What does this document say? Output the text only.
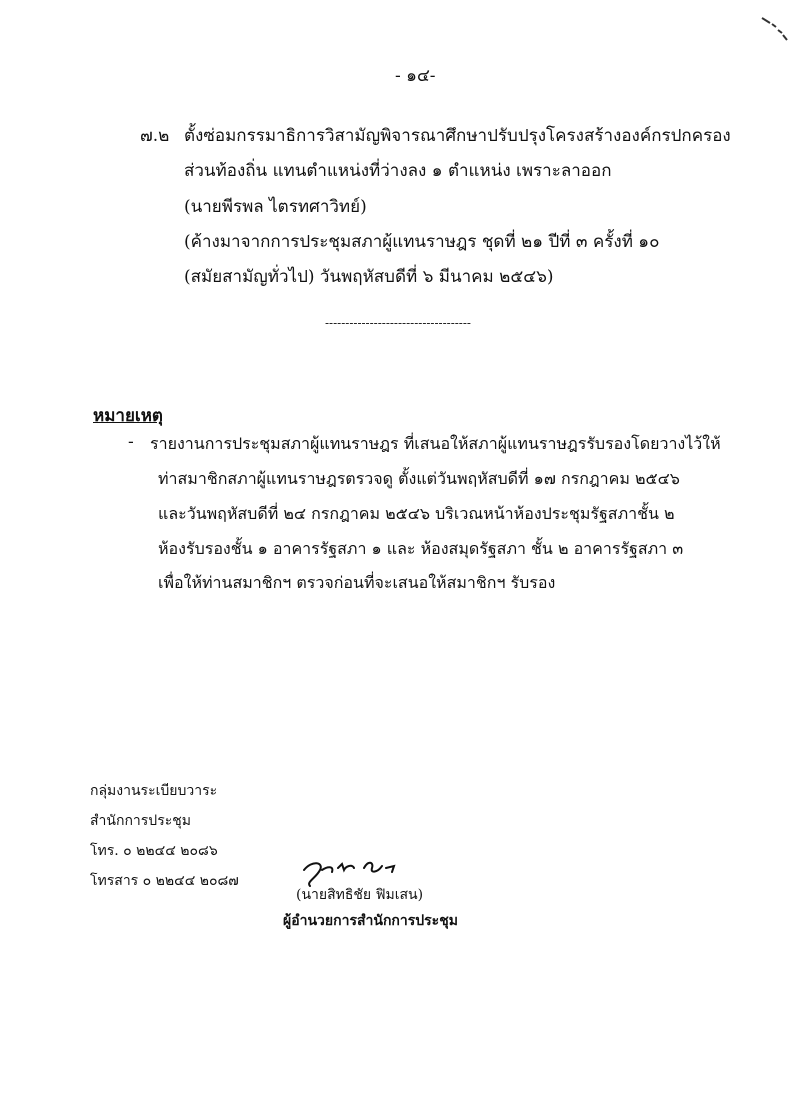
- ๑๔-
๗.๒ ตั้งซ่อมกรรมาธิการวิสามัญพิจารณาศึกษาปรับปรุงโครงสร้างองค์กรปกครอง
ส่วนท้องถิ่น แทนตำแหน่งที่ว่างลง ๑ ตำแหน่ง เพราะลาออก
(นายพีรพล ไตรทศาวิทย์)
(ค้างมาจากการประชุมสภาผู้แทนราษฎร ชุดที่ ๒๑ ปีที่ ๓ ครั้งที่ ๑๐
(สมัยสามัญทั่วไป) วันพฤหัสบดีที่ ๖ มีนาคม ๒๕๔๖)
------------------------------------
หมายเหตุ
- รายงานการประชุมสภาผู้แทนราษฎร ที่เสนอให้สภาผู้แทนราษฎรรับรองโดยวางไว้ให้
ท่าสมาชิกสภาผู้แทนราษฎรตรวจดู ตั้งแต่วันพฤหัสบดีที่ ๑๗ กรกฎาคม ๒๕๔๖
และวันพฤหัสบดีที่ ๒๔ กรกฎาคม ๒๕๔๖ บริเวณหน้าห้องประชุมรัฐสภาชั้น ๒
ห้องรับรองชั้น ๑ อาคารรัฐสภา ๑ และ ห้องสมุดรัฐสภา ชั้น ๒ อาคารรัฐสภา ๓
เพื่อให้ท่านสมาชิกฯ ตรวจก่อนที่จะเสนอให้สมาชิกฯ รับรอง
กลุ่มงานระเบียบวาระ
สำนักการประชุม
โทร. ๐ ๒๒๔๔ ๒๐๘๖
โทรสาร ๐ ๒๒๔๔ ๒๐๘๗
(นายสิทธิชัย ฟิมเสน)
ผู้อำนวยการสำนักการประชุม
